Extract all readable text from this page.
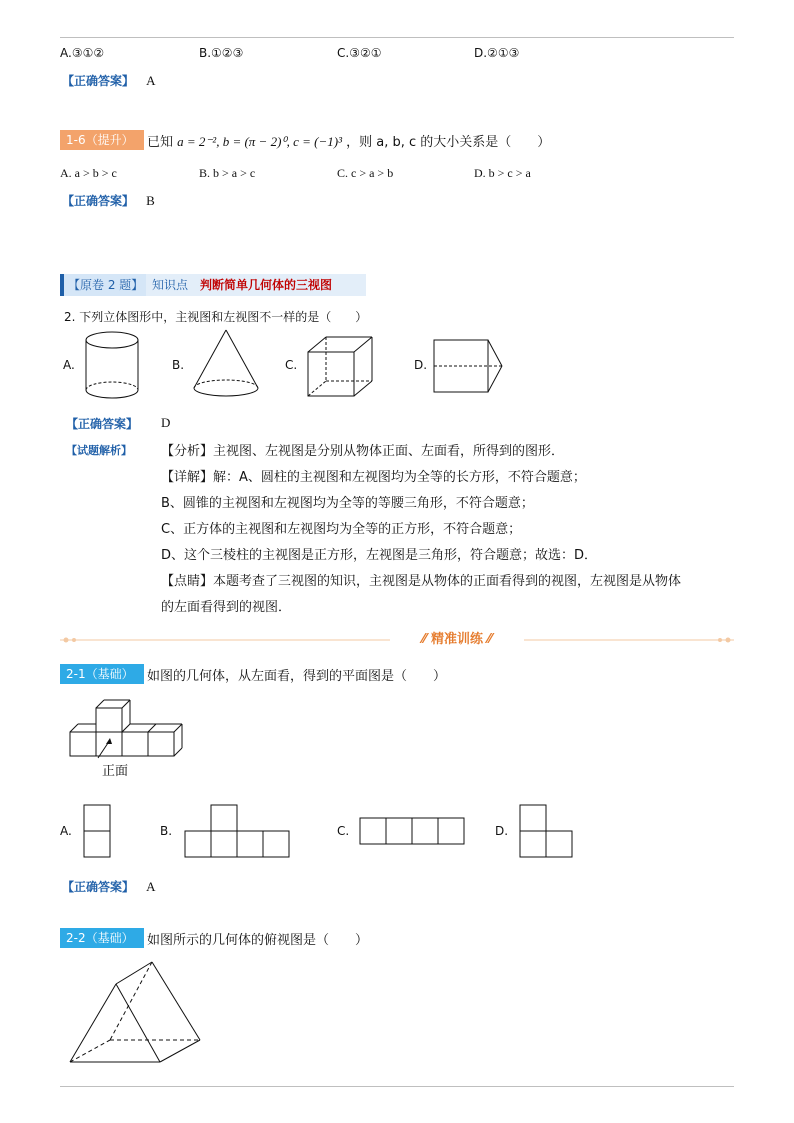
A.③①②	B.①②③	C.③②①	D.②①③
【正确答案】 A
1-6（提升）	已知 a = 2⁻², b = (π − 2)⁰, c = (−1)³ ，则 a, b, c 的大小关系是（　　）
A. a > b > c	B. b > a > c	C. c > a > b	D. b > c > a
【正确答案】 B
【原卷 2 题】 知识点 判断简单几何体的三视图
2. 下列立体图形中，主视图和左视图不一样的是（　　）
A.	B.	C.	D.
【正确答案】 D
【试题解析】 【分析】主视图、左视图是分别从物体正面、左面看，所得到的图形．
【详解】解：A、圆柱的主视图和左视图均为全等的长方形，不符合题意；
B、圆锥的主视图和左视图均为全等的等腰三角形，不符合题意；
C、正方体的主视图和左视图均为全等的正方形，不符合题意；
D、这个三棱柱的主视图是正方形，左视图是三角形，符合题意；故选：D．
【点睛】本题考查了三视图的知识，主视图是从物体的正面看得到的视图，左视图是从物体
的左面看得到的视图．
⁄⁄ 精准训练 ⁄⁄
2-1（基础）	如图的几何体，从左面看，得到的平面图是（　　）
正面
A.	B.	C.	D.
【正确答案】 A
2-2（基础）	如图所示的几何体的俯视图是（　　）
